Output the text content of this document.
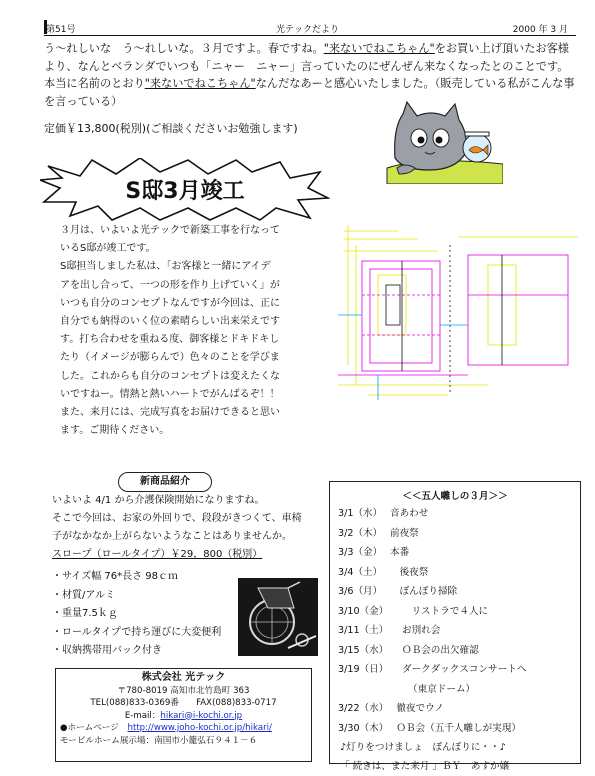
第51号	光テックだより	2000 年 3 月
う～れしいな　う～れしいな。３月ですよ。春ですね。"来ないでねこちゃん"をお買い上げ頂いたお客様より、なんとベランダでいつも「ニャー　ニャー」言っていたのにぜんぜん来なくなったとのことです。本当に名前のとおり"来ないでねこちゃん"なんだなあーと感心いたしました。（販売している私がこんな事を言っている）
定価￥13,800(税別)(ご相談くださいお勉強します)
S邸3月竣工

３月は、いよいよ光テックで新築工事を行なって

いるS邸が竣工です。

S邸担当しました私は、「お客様と一緒にアイデ

アを出し合って、一つの形を作り上げていく」が

いつも自分のコンセプトなんですが今回は、正に

自分でも納得のいく位の素晴らしい出来栄えです

す。打ち合わせを重ねる度、御客様とドキドキし

たり（イメージが膨らんで）色々のことを学びま

した。これからも自分のコンセプトは変えたくな

いですねー。情熱と熱いハートでがんばるぞ！！

また、来月には、完成写真をお届けできると思い

ます。ご期待ください。

新商品紹介

いよいよ 4/1 から介護保険開始になりますね。

そこで今回は、お家の外回りで、段段がきつくて、車椅

子がなかなか上がらないようなことはありませんか。

スロープ（ロールタイプ）￥29，800（税別）

・サイズ幅 76*長さ 98ｃｍ
・材質/アルミ
・重量7.5ｋｇ
・ロールタイプで持ち運びに大変便利
・収納携帯用バック付き
株式会社 光テック
〒780-8019 高知市北竹島町 363
TEL(088)833-0369番　　FAX(088)833-0717
E-mail：hikari@i-kochi.or.jp
●ホームページ　 http://www.joho-kochi.or.jp/hikari/
モービルホーム展示場：南国市小籠弘石９４１－６
＜＜五人囃しの３月＞＞
3/1（水） 音あわせ
3/2（木） 前夜祭
3/3（金） 本番
3/4（土）　 後夜祭
3/6（月）　 ぼんぼり掃除
3/10（金）　 リストラで４人に
3/11（土） お別れ会
3/15（水） ＯＢ会の出欠確認
3/19（日） ダークダックスコンサートへ
（東京ドーム）
3/22（水） 徹夜でウノ
3/30（木） ＯＢ会（五千人囃しが実現）
♪灯りをつけましょ　ぼんぼりに・・♪
「 続きは、また来月 」ＢＹ　あすか嬢
